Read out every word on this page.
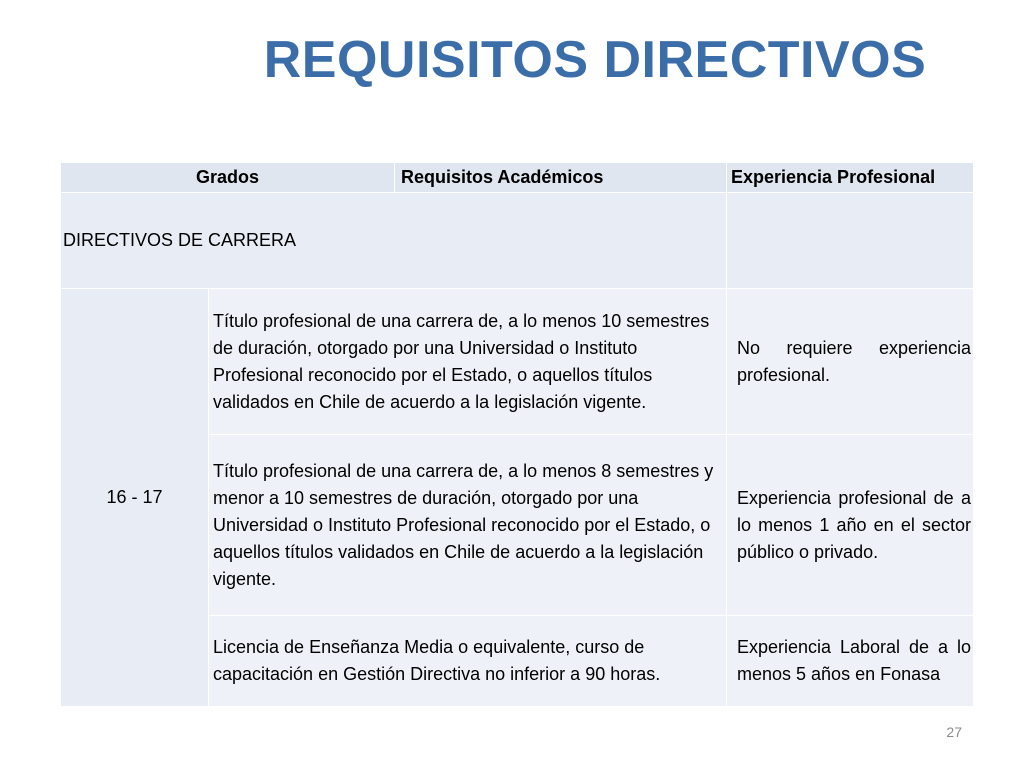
REQUISITOS DIRECTIVOS
Grados		Requisitos Académicos	Experiencia Profesional
DIRECTIVOS DE CARRERA			
16 - 17	Título profesional de una carrera de, a lo menos 10 semestres de duración, otorgado por una Universidad o Instituto Profesional reconocido por el Estado, o aquellos títulos validados en Chile de acuerdo a la legislación vigente.		No requiere experiencia profesional.
	Título profesional de una carrera de, a lo menos 8 semestres y menor a 10 semestres de duración, otorgado por una Universidad o Instituto Profesional reconocido por el Estado, o aquellos títulos validados en Chile de acuerdo a la legislación vigente.		Experiencia profesional de a lo menos 1 año en el sector público o privado.
	Licencia de Enseñanza Media o equivalente, curso de capacitación en Gestión Directiva no inferior a 90 horas.		Experiencia Laboral de a lo menos 5 años en Fonasa
27
